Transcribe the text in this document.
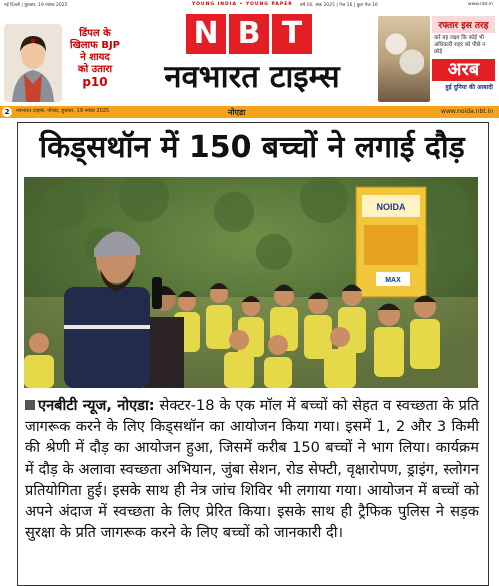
नई दिल्ली | बुधवार, 19 नवंबर 2025	YOUNG INDIA • YOUNG PAPER वर्ष 16, अंक 2025 | पेज 16 | कुल पेज 16	www.nbt.in
डिंपल के
खिलाफ BJP
ने शायद
को उतारा
p10
N B T
नवभारत टाइम्स
रफ्तार इस तरह
करें यह लक्ष्य कि कोई भी अधिकारी शहर को पीछे न छोड़े
अरब
हुई दुनिया की आबादी
2	नवभारत टाइम्स, नोएडा, बुधवार, 19 नवंबर 2025	नोएडा	www.noida.nbt.in
किड्सथॉन में 150 बच्चों ने लगाई दौड़
NOIDA
MAX
एनबीटी न्यूज, नोएडा: सेक्टर-18 के एक मॉल में बच्चों को सेहत व स्वच्छता के प्रति जागरूक करने के लिए किड्सथॉन का आयोजन किया गया। इसमें 1, 2 और 3 किमी की श्रेणी में दौड़ का आयोजन हुआ, जिसमें करीब 150 बच्चों ने भाग लिया। कार्यक्रम में दौड़ के अलावा स्वच्छता अभियान, जुंबा सेशन, रोड सेफ्टी, वृक्षारोपण, ड्राइंग, स्लोगन प्रतियोगिता हुई। इसके साथ ही नेत्र जांच शिविर भी लगाया गया। आयोजन में बच्चों को अपने अंदाज में स्वच्छता के लिए प्रेरित किया। इसके साथ ही ट्रैफिक पुलिस ने सड़क सुरक्षा के प्रति जागरूक करने के लिए बच्चों को जानकारी दी।
